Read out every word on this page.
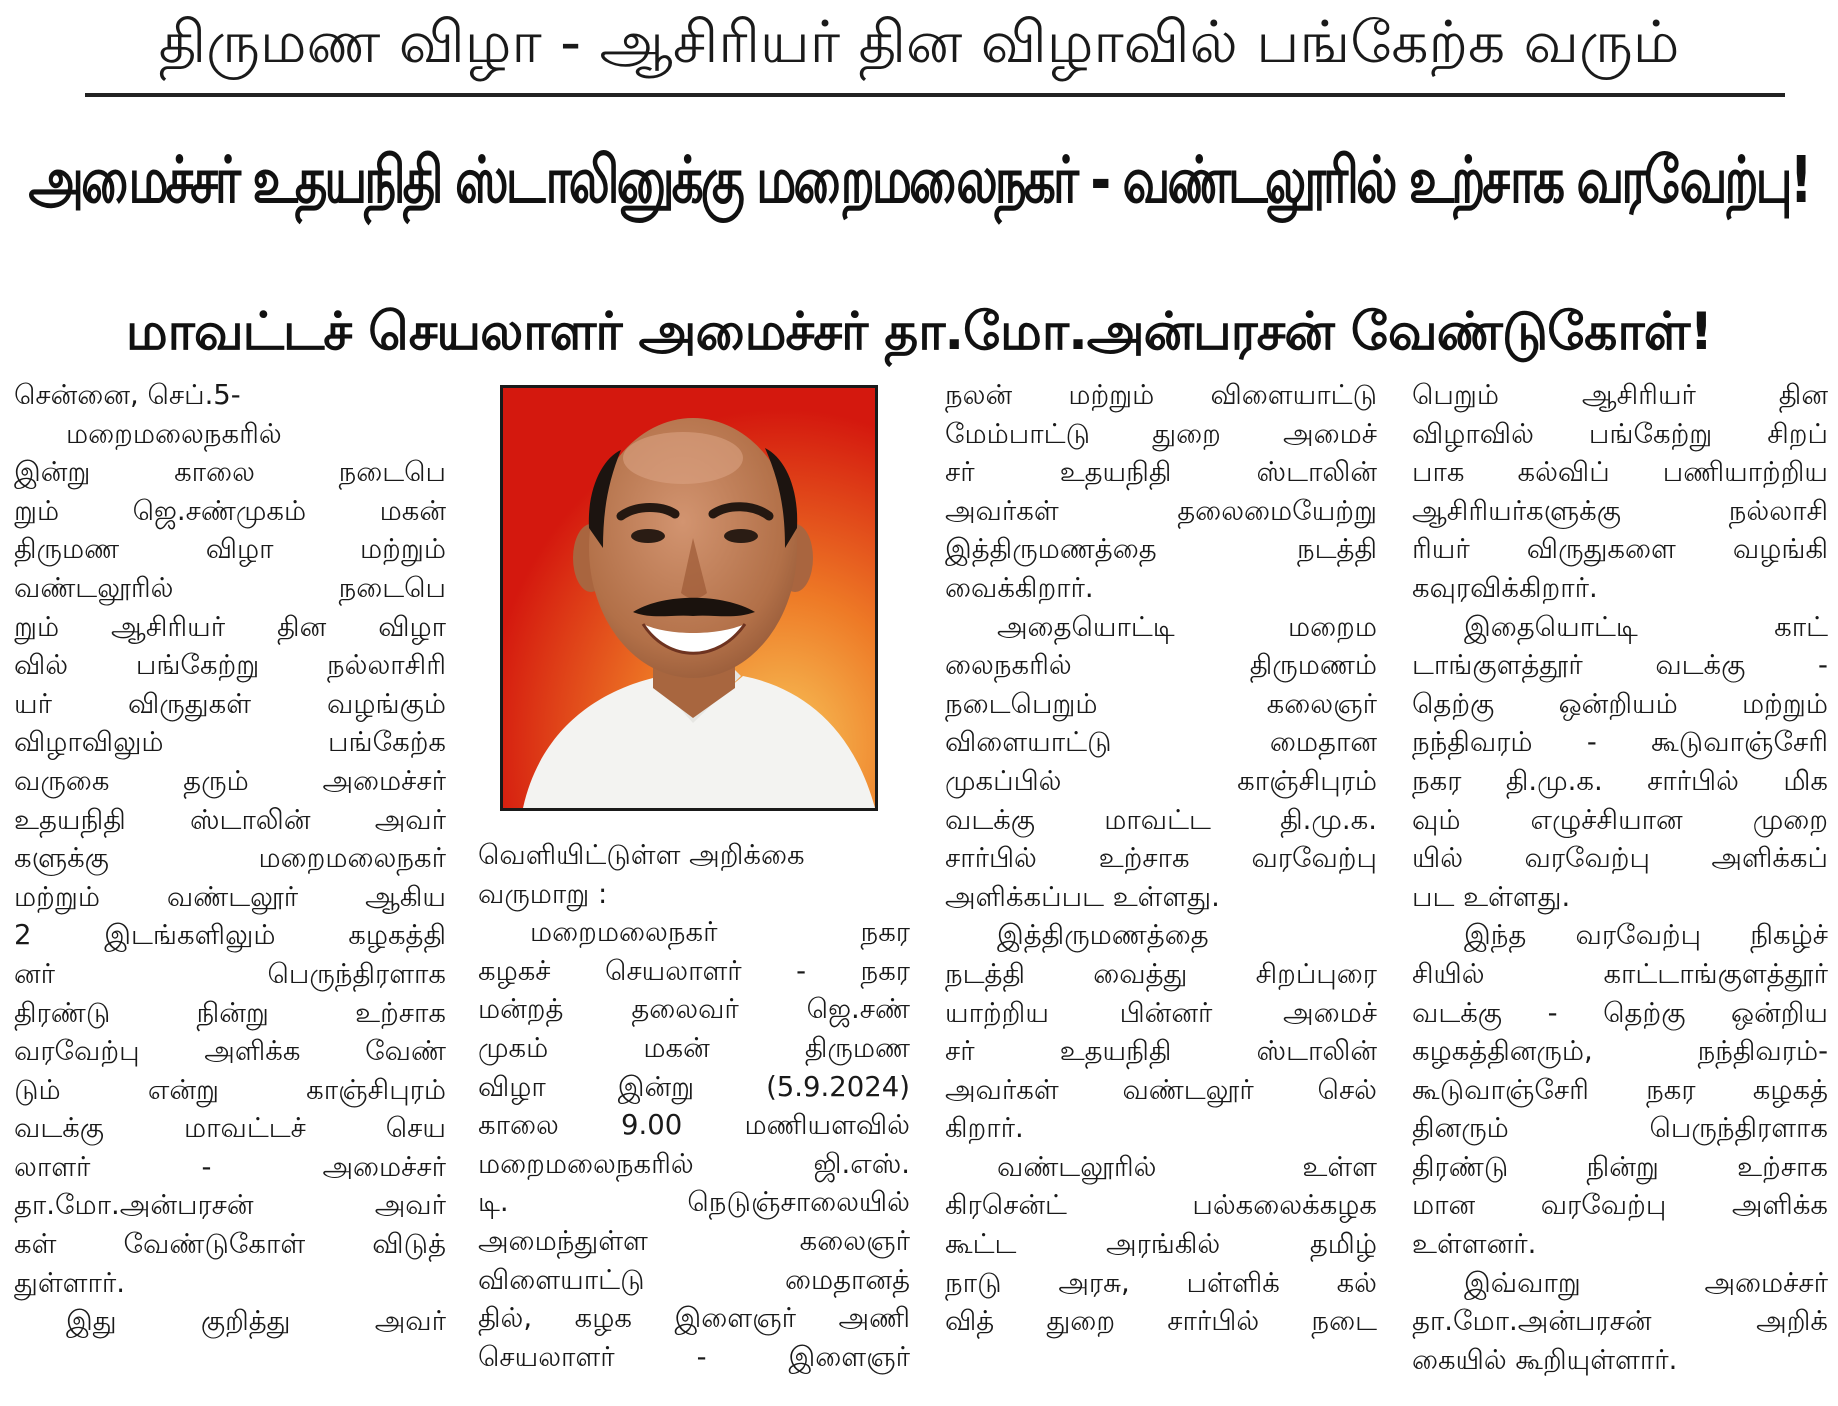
திருமண விழா - ஆசிரியர் தின விழாவில் பங்கேற்க வரும்
அமைச்சர் உதயநிதி ஸ்டாலினுக்கு மறைமலைநகர் - வண்டலூரில் உற்சாக வரவேற்பு!
மாவட்டச் செயலாளர் அமைச்சர் தா.மோ.அன்பரசன் வேண்டுகோள்!
சென்னை, செப்.5-
மறைமலைநகரில்
இன்று காலை நடைபெ
றும் ஜெ.சண்முகம் மகன்
திருமண விழா மற்றும்
வண்டலூரில் நடைபெ
றும் ஆசிரியர் தின விழா
வில் பங்கேற்று நல்லாசிரி
யர் விருதுகள் வழங்கும்
விழாவிலும் பங்கேற்க
வருகை தரும் அமைச்சர்
உதயநிதி ஸ்டாலின் அவர்
களுக்கு மறைமலைநகர்
மற்றும் வண்டலூர் ஆகிய
2 இடங்களிலும் கழகத்தி
னர் பெருந்திரளாக
திரண்டு நின்று உற்சாக
வரவேற்பு அளிக்க வேண்
டும் என்று காஞ்சிபுரம்
வடக்கு மாவட்டச் செய
லாளர் - அமைச்சர்
தா.மோ.அன்பரசன் அவர்
கள் வேண்டுகோள் விடுத்
துள்ளார்.
இது குறித்து அவர்
வெளியிட்டுள்ள அறிக்கை
வருமாறு :
மறைமலைநகர் நகர
கழகச் செயலாளர் - நகர
மன்றத் தலைவர் ஜெ.சண்
முகம் மகன் திருமண
விழா இன்று (5.9.2024)
காலை 9.00 மணியளவில்
மறைமலைநகரில் ஜி.எஸ்.
டி. நெடுஞ்சாலையில்
அமைந்துள்ள கலைஞர்
விளையாட்டு மைதானத்
தில், கழக இளைஞர் அணி
செயலாளர் - இளைஞர்
நலன் மற்றும் விளையாட்டு
மேம்பாட்டு துறை அமைச்
சர் உதயநிதி ஸ்டாலின்
அவர்கள் தலைமையேற்று
இத்திருமணத்தை நடத்தி
வைக்கிறார்.
அதையொட்டி மறைம
லைநகரில் திருமணம்
நடைபெறும் கலைஞர்
விளையாட்டு மைதான
முகப்பில் காஞ்சிபுரம்
வடக்கு மாவட்ட தி.மு.க.
சார்பில் உற்சாக வரவேற்பு
அளிக்கப்பட உள்ளது.
இத்திருமணத்தை
நடத்தி வைத்து சிறப்புரை
யாற்றிய பின்னர் அமைச்
சர் உதயநிதி ஸ்டாலின்
அவர்கள் வண்டலூர் செல்
கிறார்.
வண்டலூரில் உள்ள
கிரசென்ட் பல்கலைக்கழக
கூட்ட அரங்கில் தமிழ்
நாடு அரசு, பள்ளிக் கல்
வித் துறை சார்பில் நடை
பெறும் ஆசிரியர் தின
விழாவில் பங்கேற்று சிறப்
பாக கல்விப் பணியாற்றிய
ஆசிரியர்களுக்கு நல்லாசி
ரியர் விருதுகளை வழங்கி
கவுரவிக்கிறார்.
இதையொட்டி காட்
டாங்குளத்தூர் வடக்கு -
தெற்கு ஒன்றியம் மற்றும்
நந்திவரம் - கூடுவாஞ்சேரி
நகர தி.மு.க. சார்பில் மிக
வும் எழுச்சியான முறை
யில் வரவேற்பு அளிக்கப்
பட உள்ளது.
இந்த வரவேற்பு நிகழ்ச்
சியில் காட்டாங்குளத்தூர்
வடக்கு - தெற்கு ஒன்றிய
கழகத்தினரும், நந்திவரம்-
கூடுவாஞ்சேரி நகர கழகத்
தினரும் பெருந்திரளாக
திரண்டு நின்று உற்சாக
மான வரவேற்பு அளிக்க
உள்ளனர்.
இவ்வாறு அமைச்சர்
தா.மோ.அன்பரசன் அறிக்
கையில் கூறியுள்ளார்.
